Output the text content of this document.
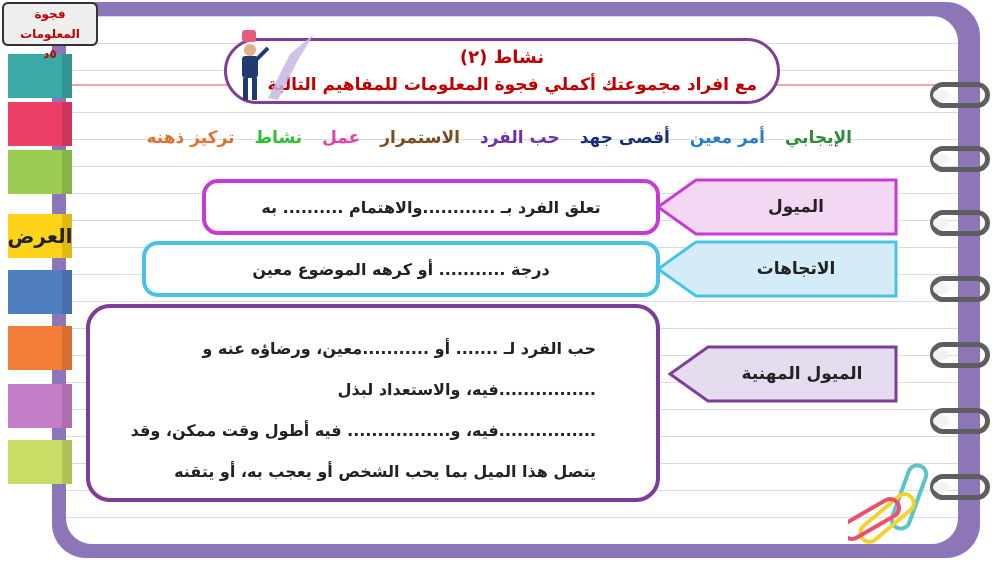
العرض
فجوة المعلومات
٥د	نشاط (٢)
مع افراد مجموعتك أكملي فجوة المعلومات للمفاهيم التالية
الإيجابي أمر معين أقصى جهد حب الفرد الاستمرار عمل نشاط تركيز ذهنه
الميول
تعلق الفرد بـ ............والاهتمام .......... به
الاتجاهات
درجة ........... أو كرهه الموضوع معين
الميول المهنية
حب الفرد لـ ....... أو ...........معين، ورضاؤه عنه و
................فيه، والاستعداد لبذل
................فيه، و................. فيه أطول وقت ممكن، وقد
يتصل هذا الميل بما يحب الشخص أو يعجب به، أو يتقنه
